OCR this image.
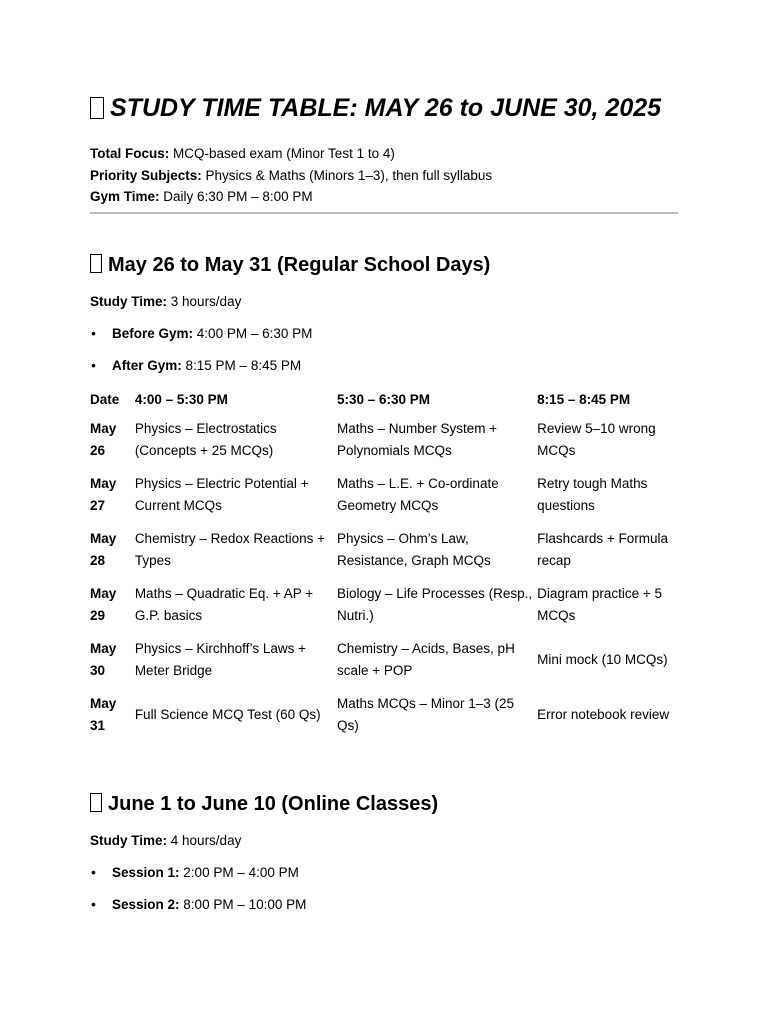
STUDY TIME TABLE: MAY 26 to JUNE 30, 2025
Total Focus: MCQ-based exam (Minor Test 1 to 4)
Priority Subjects: Physics & Maths (Minors 1–3), then full syllabus
Gym Time: Daily 6:30 PM – 8:00 PM
May 26 to May 31 (Regular School Days)
Study Time: 3 hours/day
• Before Gym: 4:00 PM – 6:30 PM
• After Gym: 8:15 PM – 8:45 PM
Date	4:00 – 5:30 PM	5:30 – 6:30 PM	8:15 – 8:45 PM
May 26	Physics – Electrostatics (Concepts + 25 MCQs)	Maths – Number System + Polynomials MCQs	Review 5–10 wrong MCQs
May 27	Physics – Electric Potential + Current MCQs	Maths – L.E. + Co-ordinate Geometry MCQs	Retry tough Maths questions
May 28	Chemistry – Redox Reactions + Types	Physics – Ohm’s Law, Resistance, Graph MCQs	Flashcards + Formula recap
May 29	Maths – Quadratic Eq. + AP + G.P. basics	Biology – Life Processes (Resp., Nutri.)	Diagram practice + 5 MCQs
May 30	Physics – Kirchhoff’s Laws + Meter Bridge	Chemistry – Acids, Bases, pH scale + POP	Mini mock (10 MCQs)
May 31	Full Science MCQ Test (60 Qs)	Maths MCQs – Minor 1–3 (25 Qs)	Error notebook review
June 1 to June 10 (Online Classes)
Study Time: 4 hours/day
• Session 1: 2:00 PM – 4:00 PM
• Session 2: 8:00 PM – 10:00 PM
